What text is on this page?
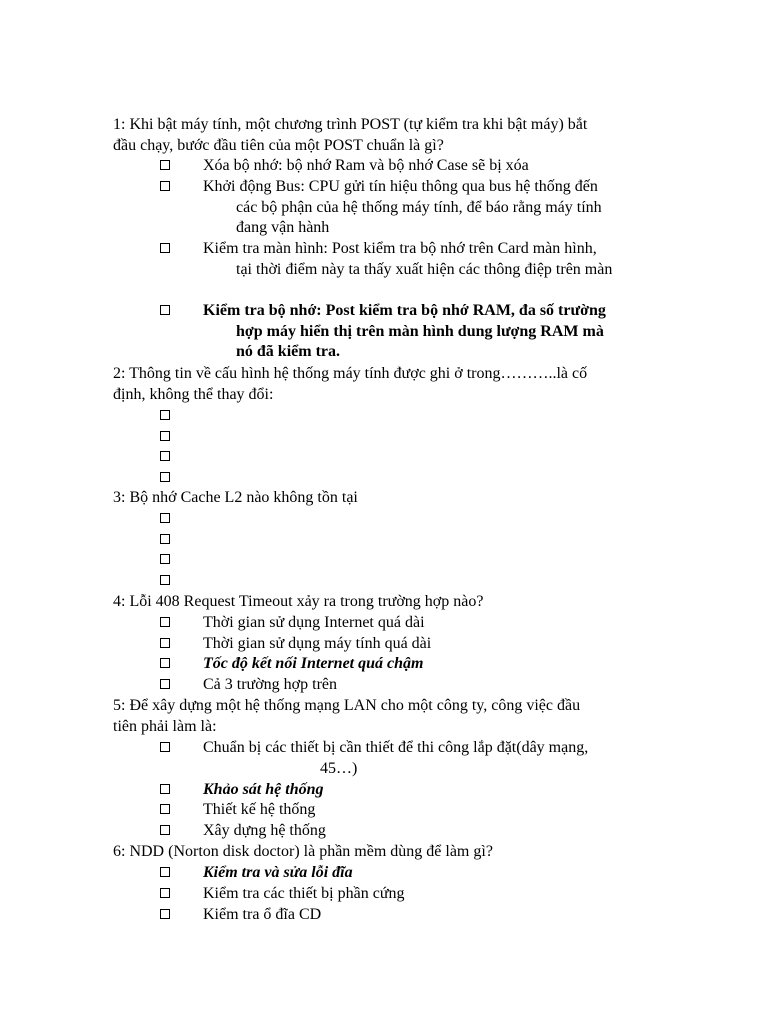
1: Khi bật máy tính, một chương trình POST (tự kiểm tra khi bật máy) bắt
đầu chạy, bước đầu tiên của một POST chuẩn là gì?
Xóa bộ nhớ: bộ nhớ Ram và bộ nhớ Case sẽ bị xóa
Khởi động Bus: CPU gửi tín hiệu thông qua bus hệ thống đến
các bộ phận của hệ thống máy tính, để báo rằng máy tính
đang vận hành
Kiểm tra màn hình: Post kiểm tra bộ nhớ trên Card màn hình,
tại thời điểm này ta thấy xuất hiện các thông điệp trên màn
Kiểm tra bộ nhớ: Post kiểm tra bộ nhớ RAM, đa số trường
hợp máy hiển thị trên màn hình dung lượng RAM mà
nó đã kiểm tra.
2: Thông tin về cấu hình hệ thống máy tính được ghi ở trong………..là cố
định, không thể thay đổi:
3: Bộ nhớ Cache L2 nào không tồn tại
4: Lỗi 408 Request Timeout xảy ra trong trường hợp nào?
Thời gian sử dụng Internet quá dài
Thời gian sử dụng máy tính quá dài
Tốc độ kết nối Internet quá chậm
Cả 3 trường hợp trên
5: Để xây dựng một hệ thống mạng LAN cho một công ty, công việc đầu
tiên phải làm là:
Chuẩn bị các thiết bị cần thiết để thi công lắp đặt(dây mạng,
45…)
Khảo sát hệ thống
Thiết kế hệ thống
Xây dựng hệ thống
6: NDD (Norton disk doctor) là phần mềm dùng để làm gì?
Kiểm tra và sửa lỗi đĩa
Kiểm tra các thiết bị phần cứng
Kiểm tra ổ đĩa CD
